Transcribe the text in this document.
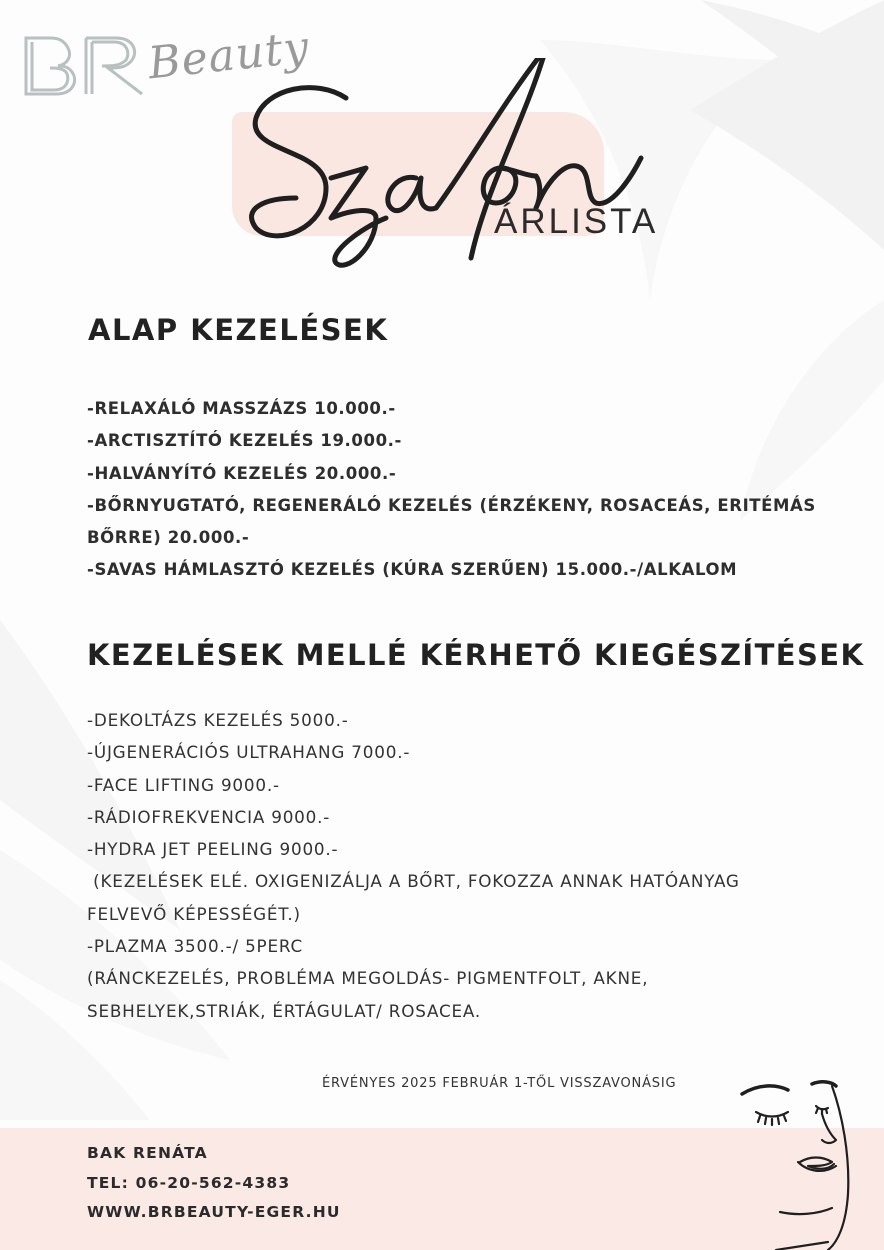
Beauty
ÁRLISTA
ALAP KEZELÉSEK
-RELAXÁLÓ MASSZÁZS 10.000.-
-ARCTISZTÍTÓ KEZELÉS 19.000.-
-HALVÁNYÍTÓ KEZELÉS 20.000.-
-BŐRNYUGTATÓ, REGENERÁLÓ KEZELÉS (ÉRZÉKENY, ROSACEÁS, ERITÉMÁS
BŐRRE) 20.000.-
-SAVAS HÁMLASZTÓ KEZELÉS (KÚRA SZERŰEN) 15.000.-/ALKALOM
KEZELÉSEK MELLÉ KÉRHETŐ KIEGÉSZÍTÉSEK
-DEKOLTÁZS KEZELÉS 5000.-
-ÚJGENERÁCIÓS ULTRAHANG 7000.-
-FACE LIFTING 9000.-
-RÁDIOFREKVENCIA 9000.-
-HYDRA JET PEELING 9000.-
(KEZELÉSEK ELÉ. OXIGENIZÁLJA A BŐRT, FOKOZZA ANNAK HATÓANYAG
FELVEVŐ KÉPESSÉGÉT.)
-PLAZMA 3500.-/ 5PERC
(RÁNCKEZELÉS, PROBLÉMA MEGOLDÁS- PIGMENTFOLT, AKNE,
SEBHELYEK,STRIÁK, ÉRTÁGULAT/ ROSACEA.
ÉRVÉNYES 2025 FEBRUÁR 1-TŐL VISSZAVONÁSIG
BAK RENÁTA
TEL: 06-20-562-4383
WWW.BRBEAUTY-EGER.HU
